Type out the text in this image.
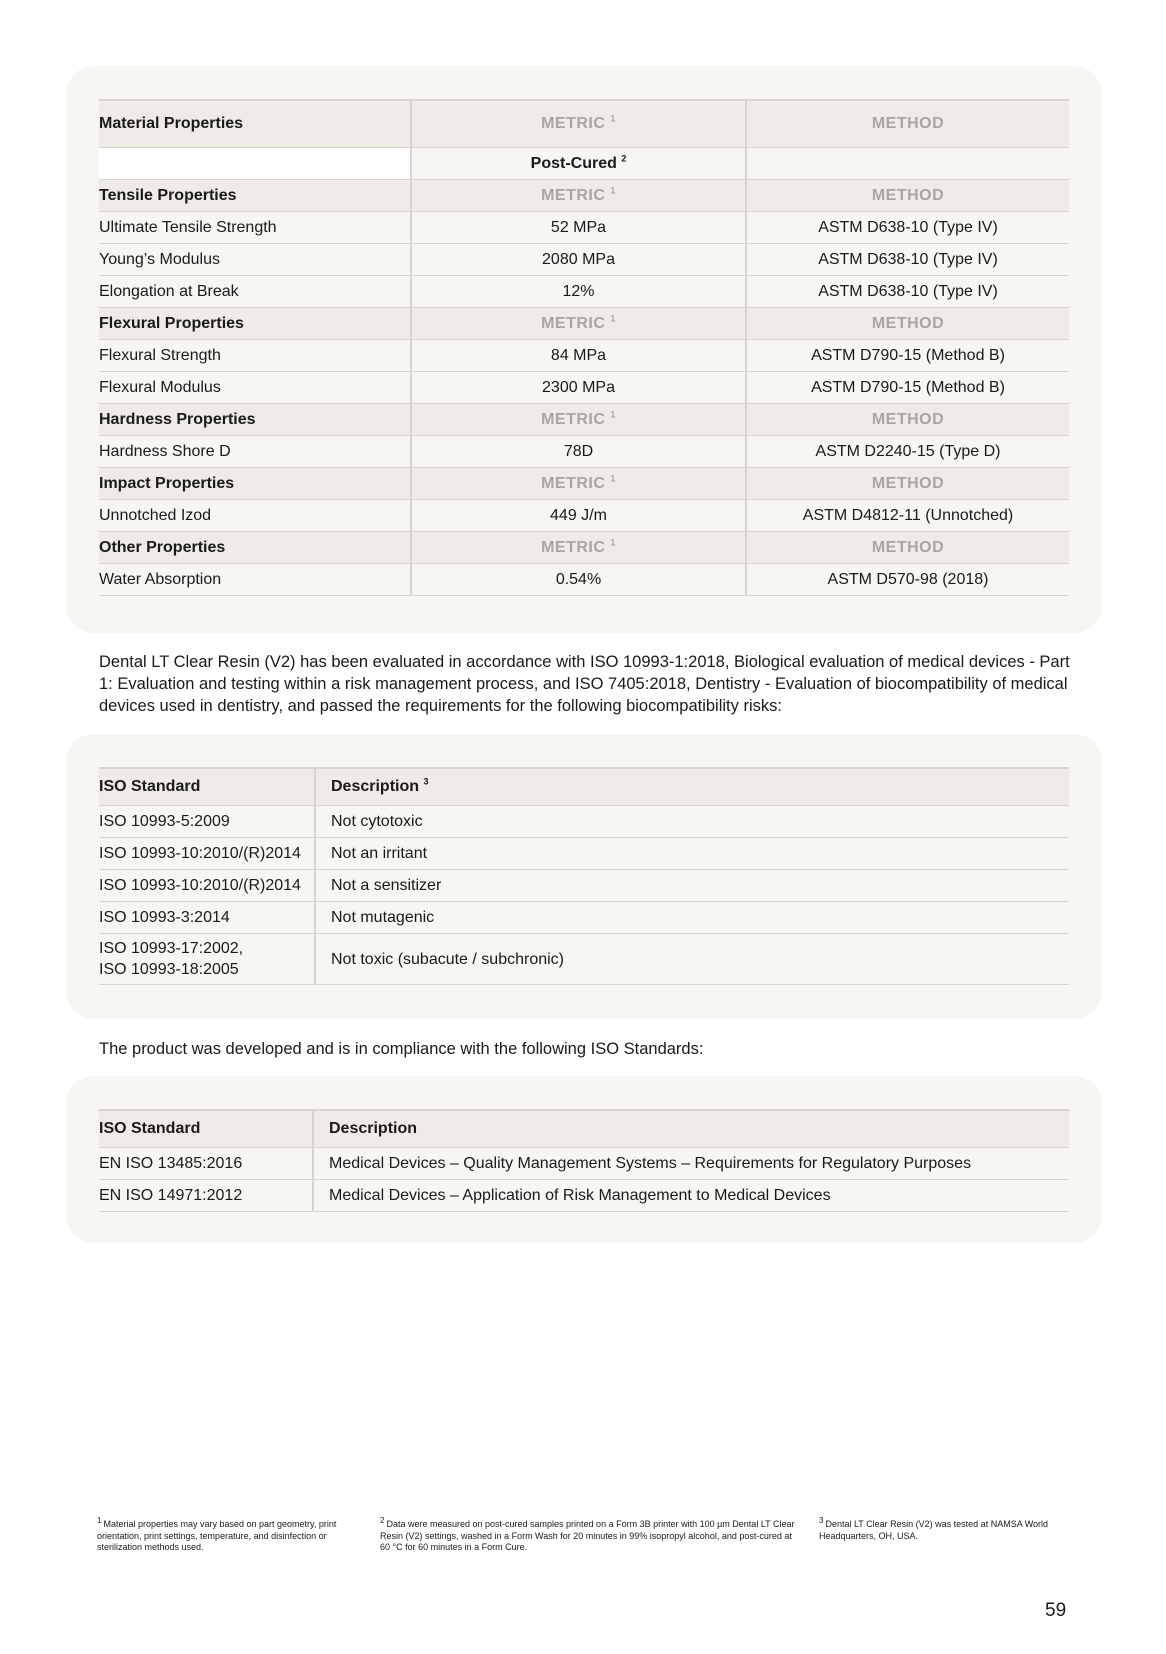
Material Properties	METRIC $^1$	METHOD
	Post-Cured $^2$	
Tensile Properties	METRIC $^1$	METHOD
Ultimate Tensile Strength	52 MPa	ASTM D638-10 (Type IV)
Young’s Modulus	2080 MPa	ASTM D638-10 (Type IV)
Elongation at Break	12%	ASTM D638-10 (Type IV)
Flexural Properties	METRIC $^1$	METHOD
Flexural Strength	84 MPa	ASTM D790-15 (Method B)
Flexural Modulus	2300 MPa	ASTM D790-15 (Method B)
Hardness Properties	METRIC $^1$	METHOD
Hardness Shore D	78D	ASTM D2240-15 (Type D)
Impact Properties	METRIC $^1$	METHOD
Unnotched Izod	449 J/m	ASTM D4812-11 (Unnotched)
Other Properties	METRIC $^1$	METHOD
Water Absorption	0.54%	ASTM D570-98 (2018)

Dental LT Clear Resin (V2) has been evaluated in accordance with ISO 10993-1:2018, Biological evaluation of medical devices - Part 1: Evaluation and testing within a risk management process, and ISO 7405:2018, Dentistry - Evaluation of biocompatibility of medical devices used in dentistry, and passed the requirements for the following biocompatibility risks:

ISO Standard	Description $^3$
ISO 10993-5:2009	Not cytotoxic
ISO 10993-10:2010/(R)2014	Not an irritant
ISO 10993-10:2010/(R)2014	Not a sensitizer
ISO 10993-3:2014	Not mutagenic
ISO 10993-17:2002,
ISO 10993-18:2005	Not toxic (subacute / subchronic)

The product was developed and is in compliance with the following ISO Standards:

ISO Standard	Description
EN ISO 13485:2016	Medical Devices – Quality Management Systems – Requirements for Regulatory Purposes
EN ISO 14971:2012	Medical Devices – Application of Risk Management to Medical Devices
$^1$ Material properties may vary based on part geometry, print orientation, print settings, temperature, and disinfection or sterilization methods used.
$^2$ Data were measured on post-cured samples printed on a Form 3B printer with 100 µm Dental LT Clear Resin (V2) settings, washed in a Form Wash for 20 minutes in 99% isopropyl alcohol, and post-cured at 60 °C for 60 minutes in a Form Cure.
$^3$ Dental LT Clear Resin (V2) was tested at NAMSA World Headquarters, OH, USA.
59
